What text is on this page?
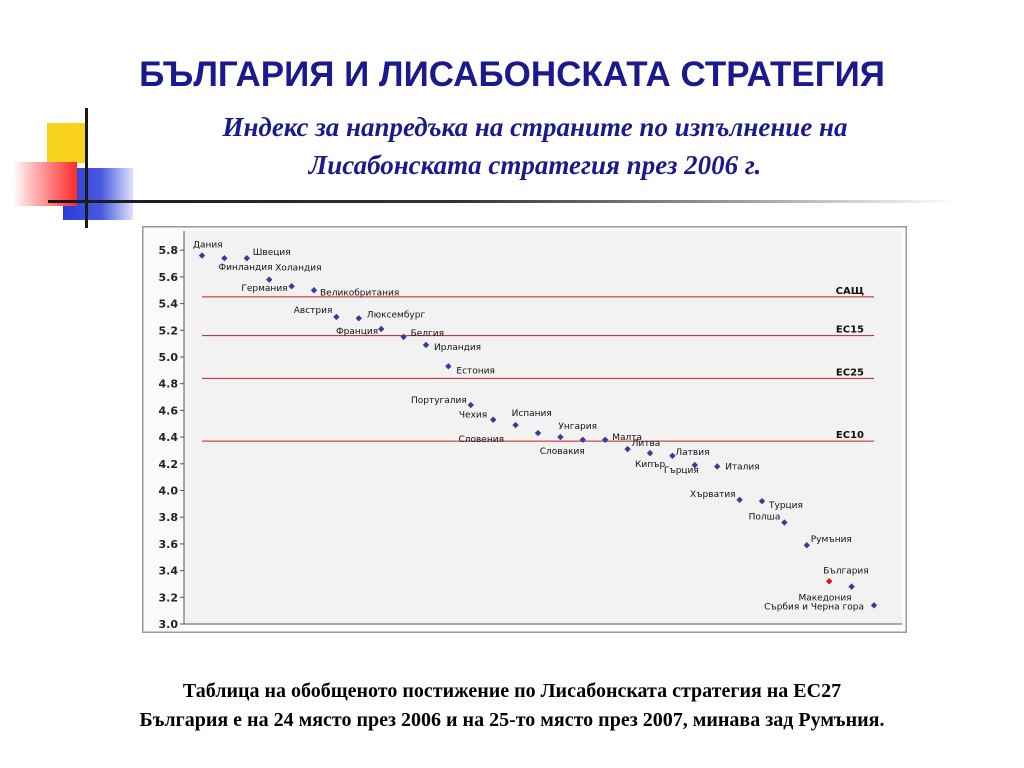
БЪЛГАРИЯ И ЛИСАБОНСКАТА СТРАТЕГИЯ
Индекс за напредъка на страните по изпълнение на
Лисабонската стратегия през 2006 г.
5.8
5.6
5.4
5.2
5.0
4.8
4.6
4.4
4.2
4.0
3.8
3.6
3.4
3.2
3.0
САЩ
ЕС15
ЕС25
ЕС10
Дания
Финландия
Швеция
Холандия
Германия	Великобритания
Австрия	Люксембург
Франция	Белгия
Ирландия
Естония
Португалия
Чехия	Испания
Словения
Унгария
Словакия
Малта
Литва
Кипър
Латвия
Гърция	Италия
Хърватия
Турция
Полша
Румъния
България
Македония
Сърбия и Черна гора
Таблица на обобщеното постижение по Лисабонската стратегия на ЕС27
България е на 24 място през 2006 и на 25-то място през 2007, минава зад Румъния.
